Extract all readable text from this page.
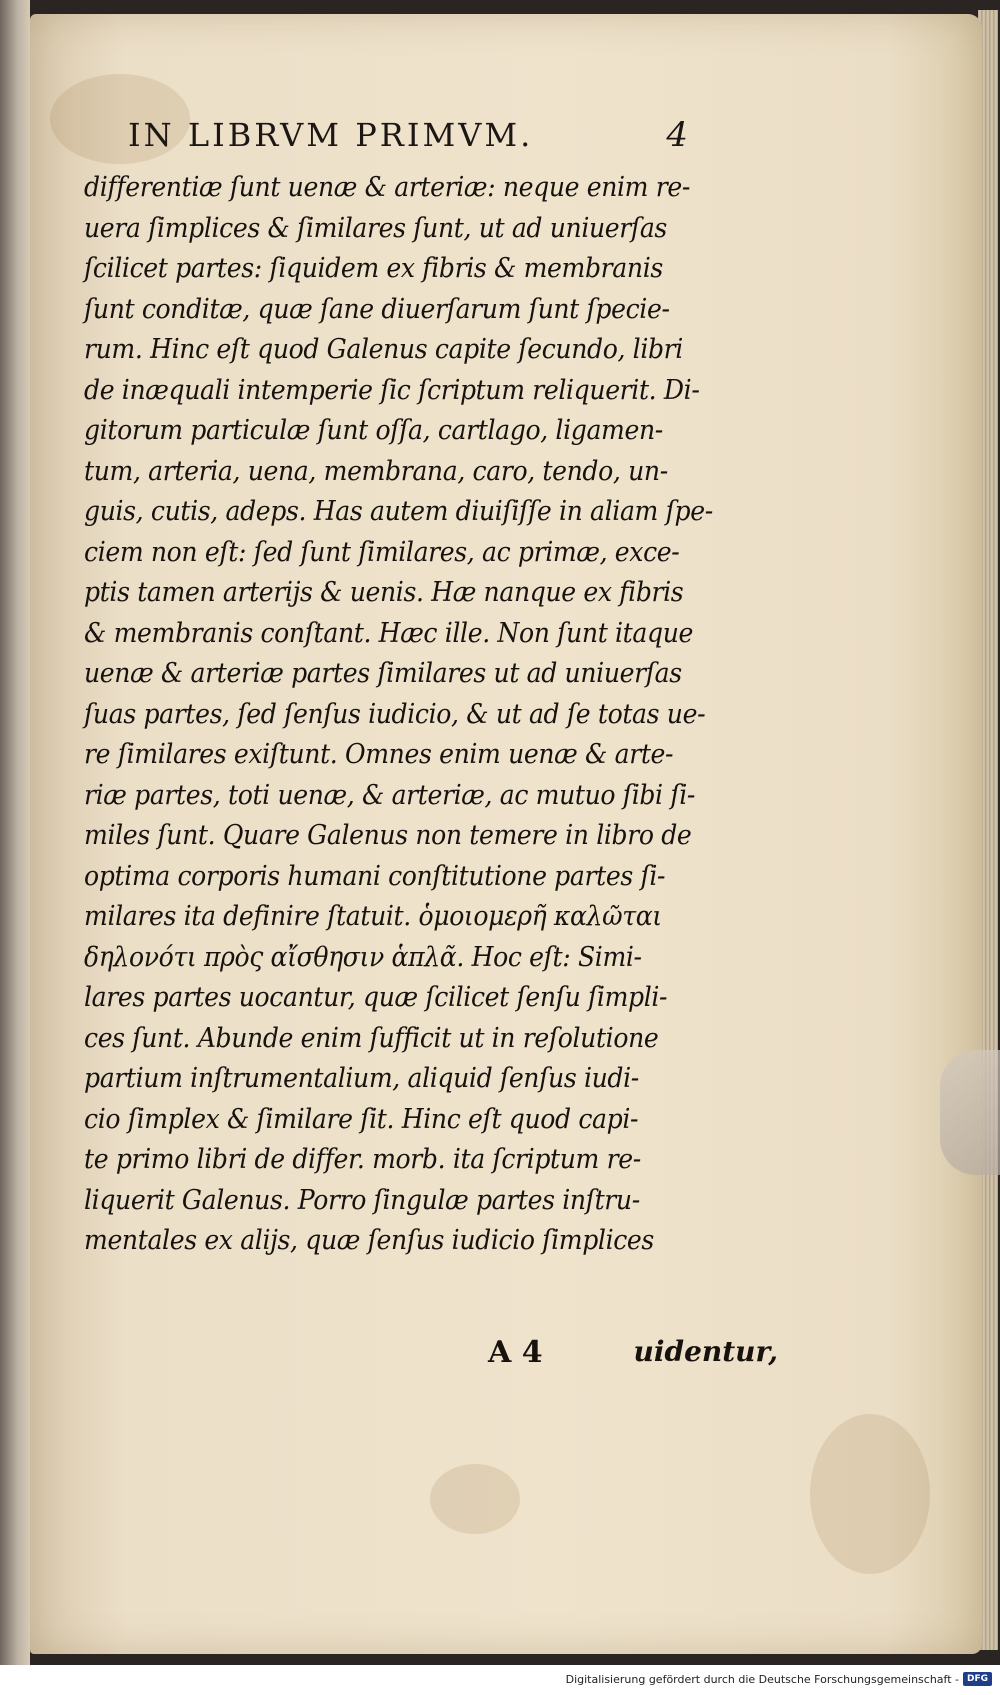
IN LIBRVM PRIMVM.	4
differentiæ ſunt uenæ & arteriæ: neque enim re-
uera ſimplices & ſimilares ſunt, ut ad uniuerſas
ſcilicet partes: ſiquidem ex fibris & membranis
ſunt conditæ, quæ ſane diuerſarum ſunt ſpecie-
rum. Hinc eſt quod Galenus capite ſecundo, libri
de inæquali intemperie ſic ſcriptum reliquerit. Di-
gitorum particulæ ſunt oſſa, cartlago, ligamen-
tum, arteria, uena, membrana, caro, tendo, un-
guis, cutis, adeps. Has autem diuiſiſſe in aliam ſpe-
ciem non eſt: ſed ſunt ſimilares, ac primæ, exce-
ptis tamen arterijs & uenis. Hæ nanque ex fibris
& membranis conſtant. Hæc ille. Non ſunt itaque
uenæ & arteriæ partes ſimilares ut ad uniuerſas
ſuas partes, ſed ſenſus iudicio, & ut ad ſe totas ue-
re ſimilares exiſtunt. Omnes enim uenæ & arte-
riæ partes, toti uenæ, & arteriæ, ac mutuo ſibi ſi-
miles ſunt. Quare Galenus non temere in libro de
optima corporis humani conſtitutione partes ſi-
milares ita definire ſtatuit. ὁμοιομερῆ καλῶται
δηλονότι πρὸς αἴσθησιν ἁπλᾶ. Hoc eſt: Simi-
lares partes uocantur, quæ ſcilicet ſenſu ſimpli-
ces ſunt. Abunde enim ſufficit ut in reſolutione
partium inſtrumentalium, aliquid ſenſus iudi-
cio ſimplex & ſimilare ſit. Hinc eſt quod capi-
te primo libri de differ. morb. ita ſcriptum re-
liquerit Galenus. Porro ſingulæ partes inſtru-
mentales ex alijs, quæ ſenſus iudicio ſimplices
A 4	uidentur,
Digitalisierung gefördert durch die Deutsche Forschungsgemeinschaft - DFG
